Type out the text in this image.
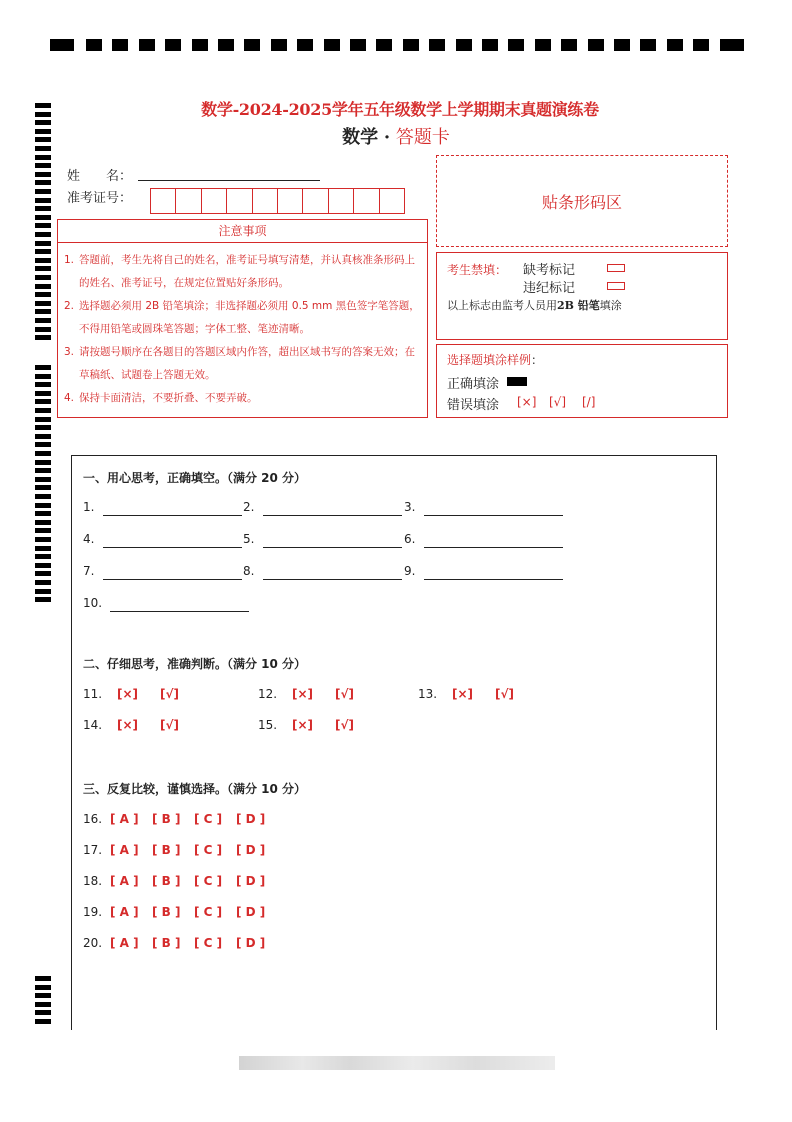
数学-2024-2025学年五年级数学上学期期末真题演练卷
数学 · 答题卡
姓　　名：
准考证号：	贴条形码区
注意事项
1. 答题前，考生先将自己的姓名，准考证号填写清楚，并认真核准条形码上的姓名、准考证号，在规定位置贴好条形码。
2. 选择题必须用 2B 铅笔填涂；非选择题必须用 0.5 mm 黑色签字笔答题，不得用铅笔或圆珠笔答题；字体工整、笔迹清晰。
3. 请按题号顺序在各题目的答题区域内作答，超出区域书写的答案无效；在草稿纸、试题卷上答题无效。
4. 保持卡面清洁，不要折叠、不要弄破。
考生禁填： 缺考标记
违纪标记
以上标志由监考人员用2B 铅笔填涂
选择题填涂样例：
正确填涂
错误填涂 [×] [√] [/]
一、用心思考，正确填空。（满分 20 分）
1.	2.	3.
4.	5.	6.
7.	8.	9.
10.
二、仔细思考，准确判断。（满分 10 分）
11. [×] [√]	12. [×] [√]	13. [×] [√]
14. [×] [√]	15. [×] [√]
三、反复比较，谨慎选择。（满分 10 分）
16. [ A ] [ B ] [ C ] [ D ]
17. [ A ] [ B ] [ C ] [ D ]
18. [ A ] [ B ] [ C ] [ D ]
19. [ A ] [ B ] [ C ] [ D ]
20. [ A ] [ B ] [ C ] [ D ]
